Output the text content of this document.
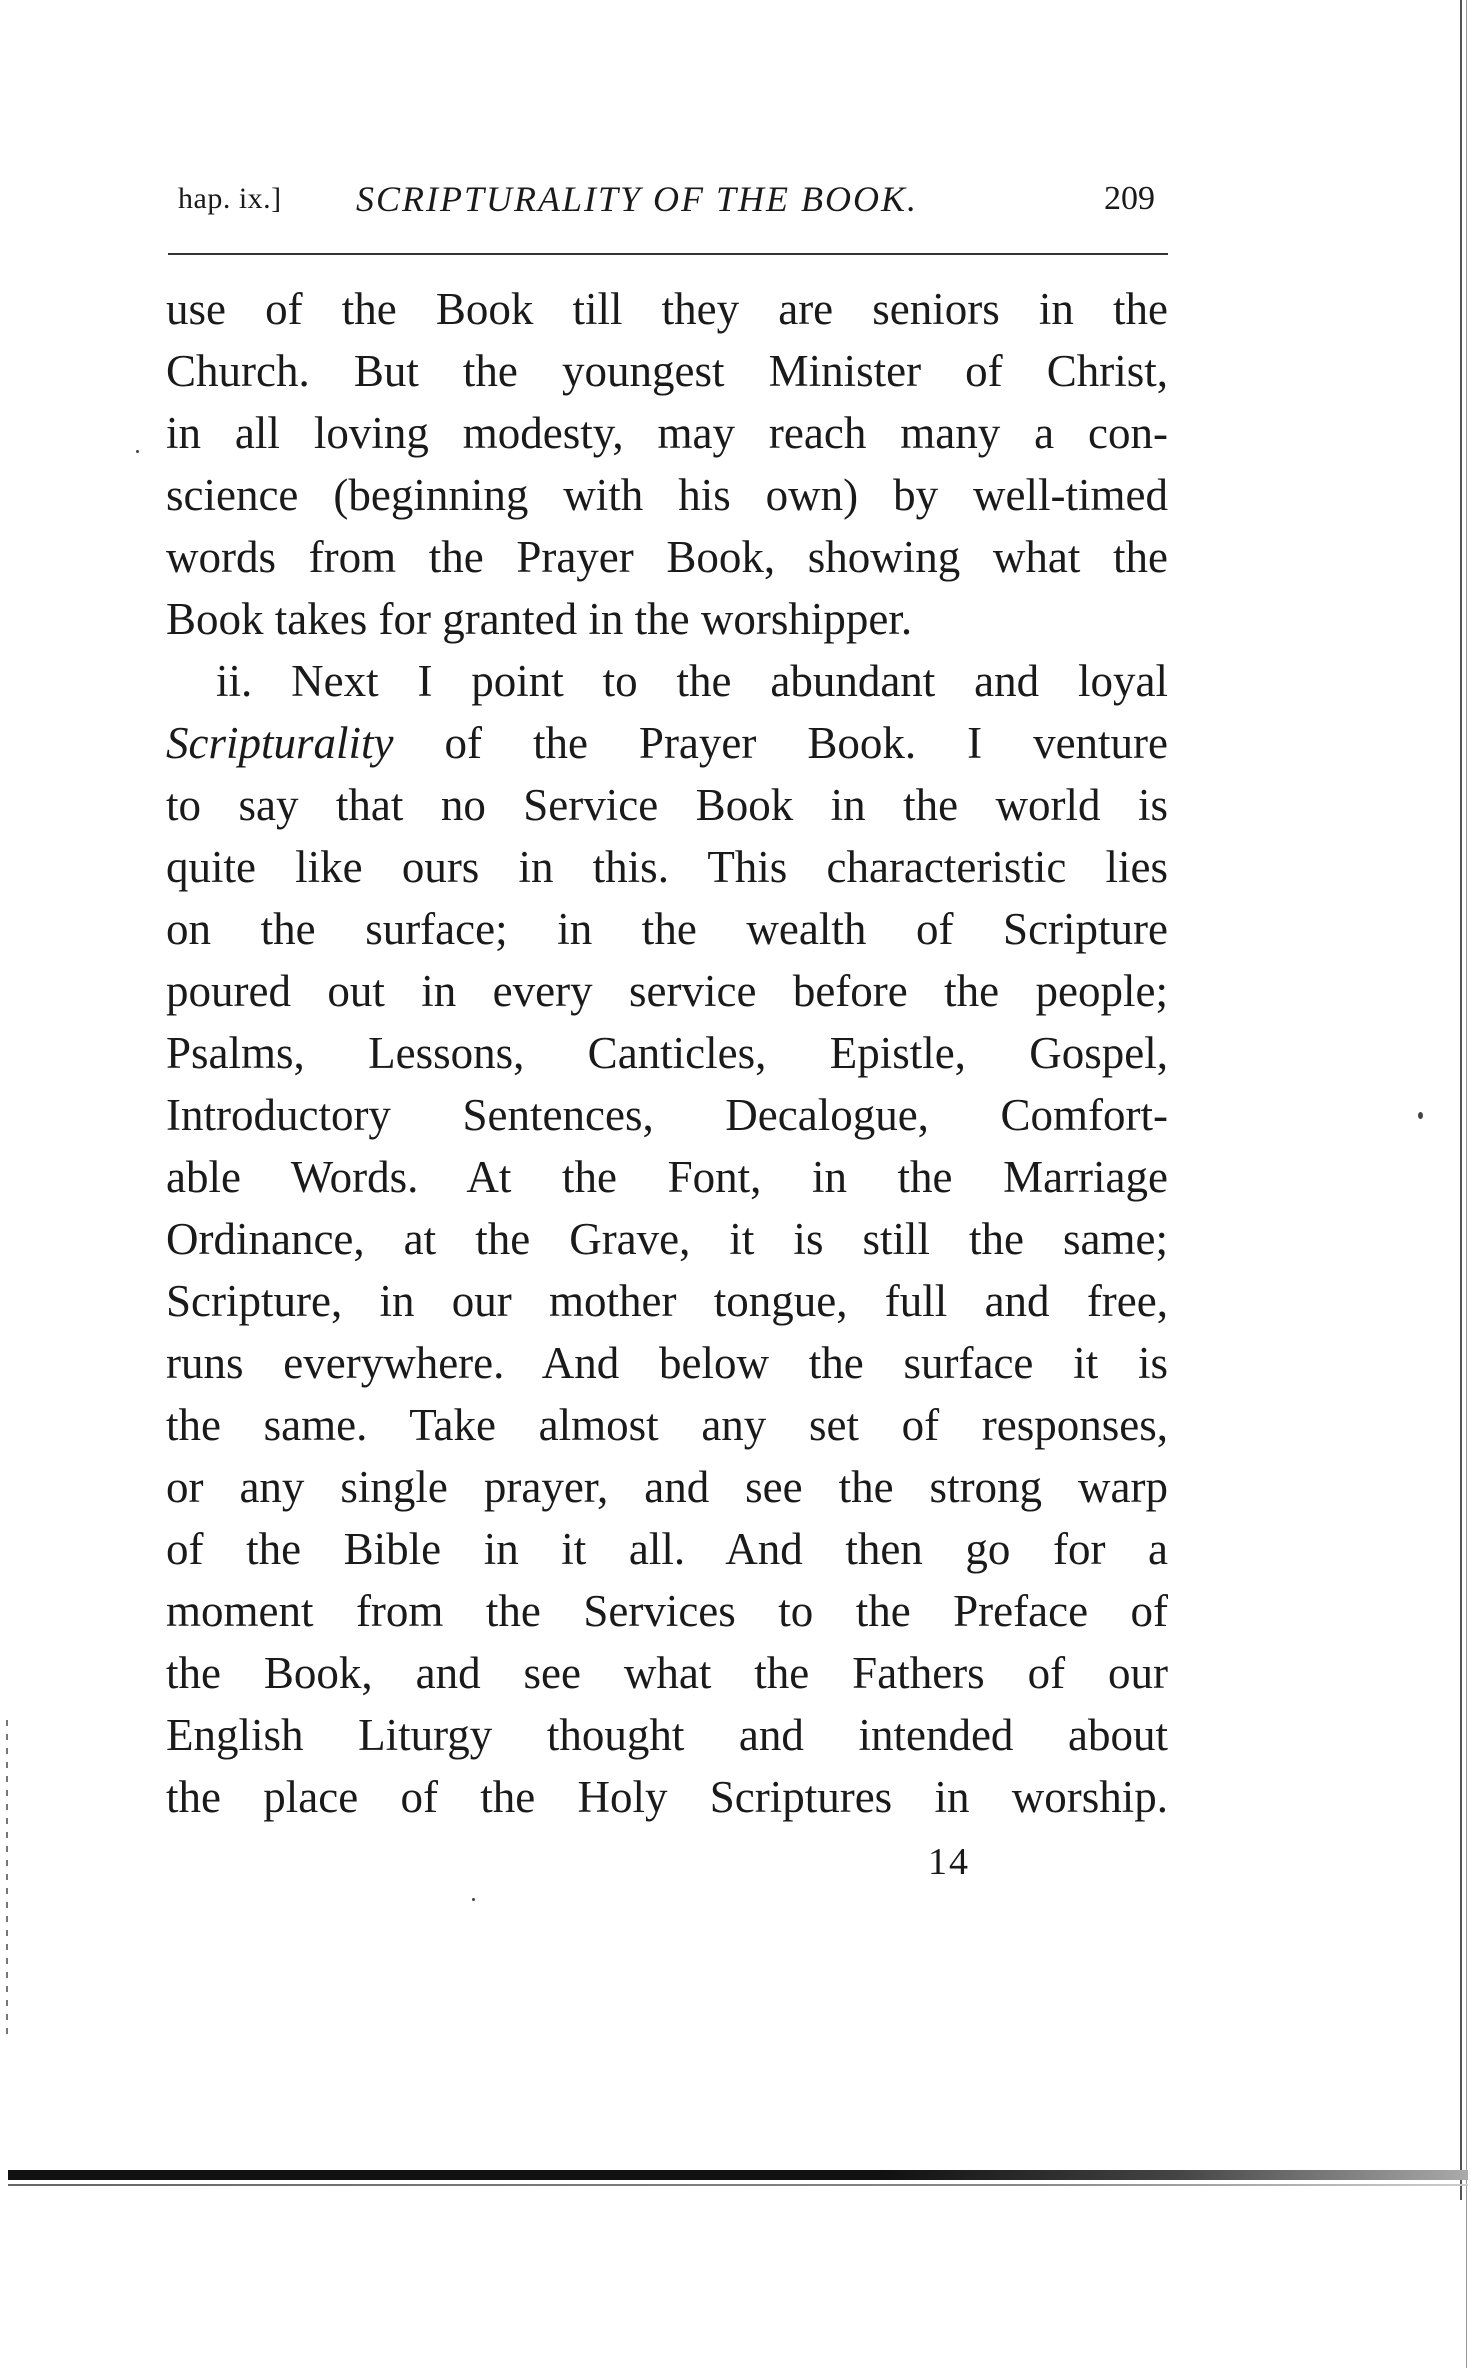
hap. ix.] SCRIPTURALITY OF THE BOOK.	209
use of the Book till they are seniors in the
Church. But the youngest Minister of Christ,
in all loving modesty, may reach many a con-
science (beginning with his own) by well-timed
words from the Prayer Book, showing what the
Book takes for granted in the worshipper.
ii. Next I point to the abundant and loyal
Scripturality of the Prayer Book. I venture
to say that no Service Book in the world is
quite like ours in this. This characteristic lies
on the surface; in the wealth of Scripture
poured out in every service before the people;
Psalms, Lessons, Canticles, Epistle, Gospel,
Introductory Sentences, Decalogue, Comfort-
able Words. At the Font, in the Marriage
Ordinance, at the Grave, it is still the same;
Scripture, in our mother tongue, full and free,
runs everywhere. And below the surface it is
the same. Take almost any set of responses,
or any single prayer, and see the strong warp
of the Bible in it all. And then go for a
moment from the Services to the Preface of
the Book, and see what the Fathers of our
English Liturgy thought and intended about
the place of the Holy Scriptures in worship.
14
